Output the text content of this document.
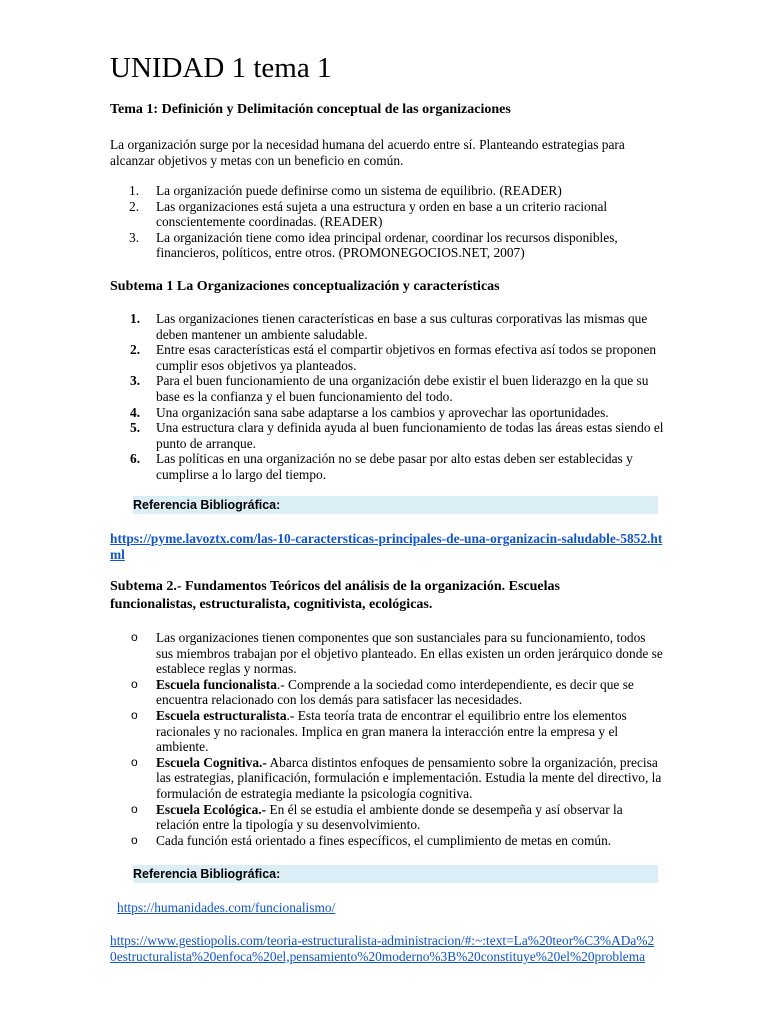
UNIDAD 1 tema 1
Tema 1: Definición y Delimitación conceptual de las organizaciones

La organización surge por la necesidad humana del acuerdo entre sí. Planteando estrategias para alcanzar objetivos y metas con un beneficio en común.

1. La organización puede definirse como un sistema de equilibrio. (READER)
2. Las organizaciones está sujeta a una estructura y orden en base a un criterio racional conscientemente coordinadas. (READER)
3. La organización tiene como idea principal ordenar, coordinar los recursos disponibles, financieros, políticos, entre otros. (PROMONEGOCIOS.NET, 2007)
Subtema 1 La Organizaciones conceptualización y características
1. Las organizaciones tienen características en base a sus culturas corporativas las mismas que deben mantener un ambiente saludable.
2. Entre esas características está el compartir objetivos en formas efectiva así todos se proponen cumplir esos objetivos ya planteados.
3. Para el buen funcionamiento de una organización debe existir el buen liderazgo en la que su base es la confianza y el buen funcionamiento del todo.
4. Una organización sana sabe adaptarse a los cambios y aprovechar las oportunidades.
5. Una estructura clara y definida ayuda al buen funcionamiento de todas las áreas estas siendo el punto de arranque.
6. Las políticas en una organización no se debe pasar por alto estas deben ser establecidas y cumplirse a lo largo del tiempo.
Referencia Bibliográfica:
https://pyme.lavoztx.com/las-10-caractersticas-principales-de-una-organizacin-saludable-5852.html
Subtema 2.- Fundamentos Teóricos del análisis de la organización. Escuelas funcionalistas, estructuralista, cognitivista, ecológicas.
o Las organizaciones tienen componentes que son sustanciales para su funcionamiento, todos sus miembros trabajan por el objetivo planteado. En ellas existen un orden jerárquico donde se establece reglas y normas.
o Escuela funcionalista.- Comprende a la sociedad como interdependiente, es decir que se encuentra relacionado con los demás para satisfacer las necesidades.
o Escuela estructuralista.- Esta teoría trata de encontrar el equilibrio entre los elementos racionales y no racionales. Implica en gran manera la interacción entre la empresa y el ambiente.
o Escuela Cognitiva.- Abarca distintos enfoques de pensamiento sobre la organización, precisa las estrategias, planificación, formulación e implementación. Estudia la mente del directivo, la formulación de estrategia mediante la psicología cognitiva.
o Escuela Ecológica.- En él se estudia el ambiente donde se desempeña y así observar la relación entre la tipología y su desenvolvimiento.
o Cada función está orientado a fines específicos, el cumplimiento de metas en común.
Referencia Bibliográfica:
https://humanidades.com/funcionalismo/
https://www.gestiopolis.com/teoria-estructuralista-administracion/#:~:text=La%20teor%C3%ADa%20estructuralista%20enfoca%20el,pensamiento%20moderno%3B%20constituye%20el%20problema
